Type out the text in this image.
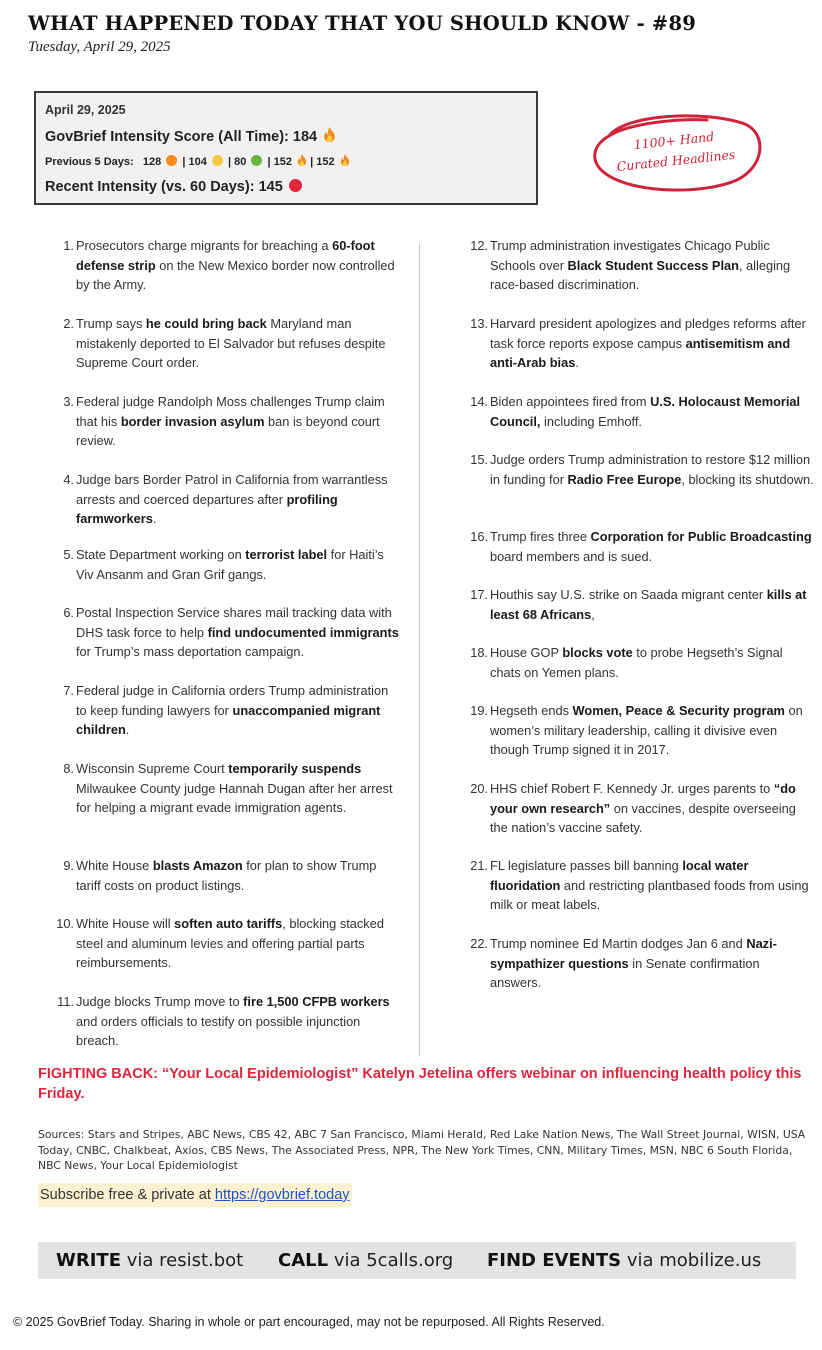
WHAT HAPPENED TODAY THAT YOU SHOULD KNOW - #89
Tuesday, April 29, 2025
April 29, 2025
GovBrief Intensity Score (All Time): 184
Previous 5 Days: 128  | 104  | 80  | 152  | 152
Recent Intensity (vs. 60 Days): 145
1100+ Hand
Curated Headlines
1. Prosecutors charge migrants for breaching a 60-foot defense strip on the New Mexico border now controlled by the Army.
2. Trump says he could bring back Maryland man mistakenly deported to El Salvador but refuses despite Supreme Court order.
3. Federal judge Randolph Moss challenges Trump claim that his border invasion asylum ban is beyond court review.
4. Judge bars Border Patrol in California from warrantless arrests and coerced departures after profiling farmworkers.
5. State Department working on terrorist label for Haiti’s Viv Ansanm and Gran Grif gangs.
6. Postal Inspection Service shares mail tracking data with DHS task force to help find undocumented immigrants for Trump’s mass deportation campaign.
7. Federal judge in California orders Trump administration to keep funding lawyers for unaccompanied migrant children.
8. Wisconsin Supreme Court temporarily suspends Milwaukee County judge Hannah Dugan after her arrest for helping a migrant evade immigration agents.
9. White House blasts Amazon for plan to show Trump tariff costs on product listings.
10. White House will soften auto tariffs, blocking stacked steel and aluminum levies and offering partial parts reimbursements.
11. Judge blocks Trump move to fire 1,500 CFPB workers and orders officials to testify on possible injunction breach.
12. Trump administration investigates Chicago Public Schools over Black Student Success Plan, alleging race-based discrimination.
13. Harvard president apologizes and pledges reforms after task force reports expose campus antisemitism and anti-Arab bias.
14. Biden appointees fired from U.S. Holocaust Memorial Council, including Emhoff.
15. Judge orders Trump administration to restore $12 million in funding for Radio Free Europe, blocking its shutdown.
16. Trump fires three Corporation for Public Broadcasting board members and is sued.
17. Houthis say U.S. strike on Saada migrant center kills at least 68 Africans,
18. House GOP blocks vote to probe Hegseth’s Signal chats on Yemen plans.
19. Hegseth ends Women, Peace & Security program on women’s military leadership, calling it divisive even though Trump signed it in 2017.
20. HHS chief Robert F. Kennedy Jr. urges parents to “do your own research” on vaccines, despite overseeing the nation’s vaccine safety.
21. FL legislature passes bill banning local water fluoridation and restricting plantbased foods from using milk or meat labels.
22. Trump nominee Ed Martin dodges Jan 6 and Nazi-sympathizer questions in Senate confirmation answers.
FIGHTING BACK: “Your Local Epidemiologist” Katelyn Jetelina offers webinar on influencing health policy this Friday.
Sources: Stars and Stripes, ABC News, CBS 42, ABC 7 San Francisco, Miami Herald, Red Lake Nation News, The Wall Street Journal, WISN, USA Today, CNBC, Chalkbeat, Axios, CBS News, The Associated Press, NPR, The New York Times, CNN, Military Times, MSN, NBC 6 South Florida, NBC News, Your Local Epidemiologist
Subscribe free & private at https://govbrief.today
WRITE via resist.bot	CALL via 5calls.org	FIND EVENTS via mobilize.us
© 2025 GovBrief Today. Sharing in whole or part encouraged, may not be repurposed. All Rights Reserved.
